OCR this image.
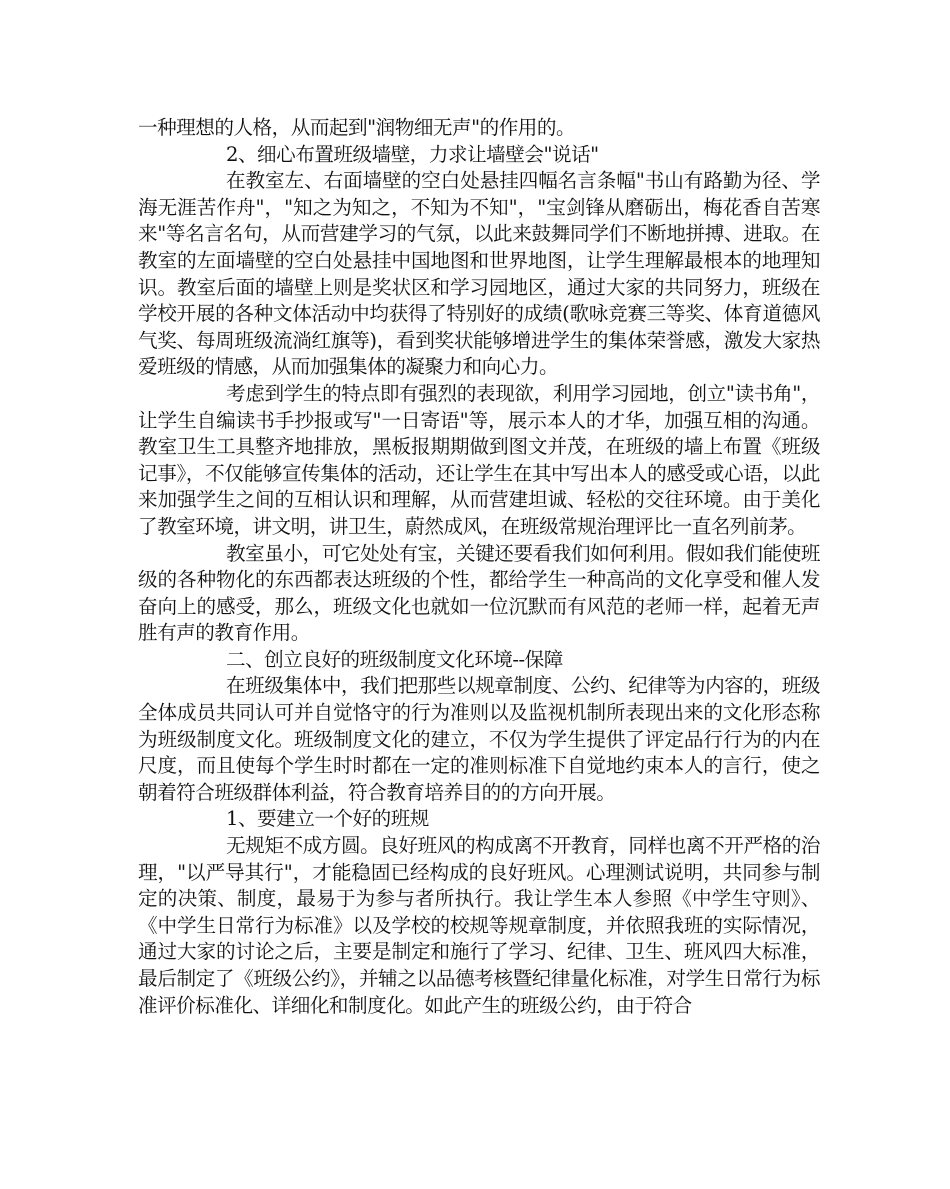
一种理想的人格，从而起到"润物细无声"的作用的。

2、细心布置班级墙壁，力求让墙壁会"说话"

在教室左、右面墙壁的空白处悬挂四幅名言条幅"书山有路勤为径、学海无涯苦作舟"，"知之为知之，不知为不知"，"宝剑锋从磨砺出，梅花香自苦寒来"等名言名句，从而营建学习的气氛，以此来鼓舞同学们不断地拼搏、进取。在教室的左面墙壁的空白处悬挂中国地图和世界地图，让学生理解最根本的地理知识。教室后面的墙壁上则是奖状区和学习园地区，通过大家的共同努力，班级在学校开展的各种文体活动中均获得了特别好的成绩(歌咏竞赛三等奖、体育道德风气奖、每周班级流淌红旗等)，看到奖状能够增进学生的集体荣誉感，激发大家热爱班级的情感，从而加强集体的凝聚力和向心力。

考虑到学生的特点即有强烈的表现欲，利用学习园地，创立"读书角"，让学生自编读书手抄报或写"一日寄语"等，展示本人的才华，加强互相的沟通。教室卫生工具整齐地排放，黑板报期期做到图文并茂，在班级的墙上布置《班级记事》，不仅能够宣传集体的活动，还让学生在其中写出本人的感受或心语，以此来加强学生之间的互相认识和理解，从而营建坦诚、轻松的交往环境。由于美化了教室环境，讲文明，讲卫生，蔚然成风，在班级常规治理评比一直名列前茅。

教室虽小，可它处处有宝，关键还要看我们如何利用。假如我们能使班级的各种物化的东西都表达班级的个性，都给学生一种高尚的文化享受和催人发奋向上的感受，那么，班级文化也就如一位沉默而有风范的老师一样，起着无声胜有声的教育作用。

二、创立良好的班级制度文化环境--保障

在班级集体中，我们把那些以规章制度、公约、纪律等为内容的，班级全体成员共同认可并自觉恪守的行为准则以及监视机制所表现出来的文化形态称为班级制度文化。班级制度文化的建立，不仅为学生提供了评定品行行为的内在尺度，而且使每个学生时时都在一定的准则标准下自觉地约束本人的言行，使之朝着符合班级群体利益，符合教育培养目的的方向开展。

1、要建立一个好的班规

无规矩不成方圆。良好班风的构成离不开教育，同样也离不开严格的治理，"以严导其行"，才能稳固已经构成的良好班风。心理测试说明，共同参与制定的决策、制度，最易于为参与者所执行。我让学生本人参照《中学生守则》、《中学生日常行为标准》以及学校的校规等规章制度，并依照我班的实际情况，通过大家的讨论之后，主要是制定和施行了学习、纪律、卫生、班风四大标准，最后制定了《班级公约》，并辅之以品德考核暨纪律量化标准，对学生日常行为标准评价标准化、详细化和制度化。如此产生的班级公约，由于符合
